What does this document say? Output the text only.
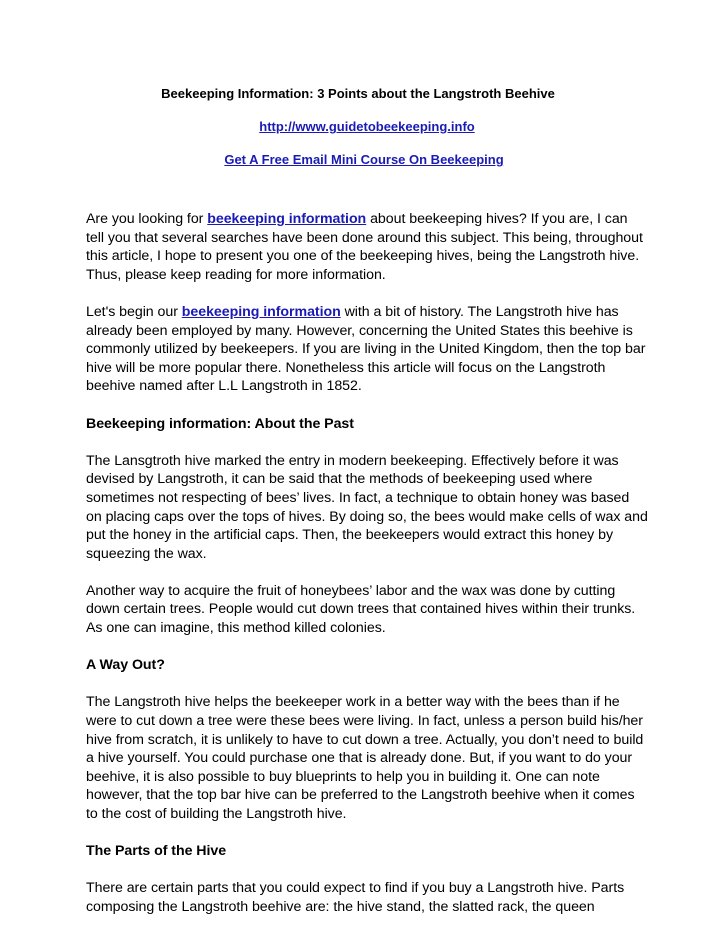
Beekeeping Information: 3 Points about the Langstroth Beehive
http://www.guidetobeekeeping.info
Get A Free Email Mini Course On Beekeeping

Are you looking for beekeeping information about beekeeping hives? If you are, I can tell you that several searches have been done around this subject. This being, throughout this article, I hope to present you one of the beekeeping hives, being the Langstroth hive. Thus, please keep reading for more information.

Let's begin our beekeeping information with a bit of history. The Langstroth hive has already been employed by many. However, concerning the United States this beehive is commonly utilized by beekeepers. If you are living in the United Kingdom, then the top bar hive will be more popular there. Nonetheless this article will focus on the Langstroth beehive named after L.L Langstroth in 1852.

Beekeeping information: About the Past

The Lansgtroth hive marked the entry in modern beekeeping. Effectively before it was devised by Langstroth, it can be said that the methods of beekeeping used where sometimes not respecting of bees’ lives. In fact, a technique to obtain honey was based on placing caps over the tops of hives. By doing so, the bees would make cells of wax and put the honey in the artificial caps. Then, the beekeepers would extract this honey by squeezing the wax.

Another way to acquire the fruit of honeybees’ labor and the wax was done by cutting down certain trees. People would cut down trees that contained hives within their trunks. As one can imagine, this method killed colonies.

A Way Out?

The Langstroth hive helps the beekeeper work in a better way with the bees than if he were to cut down a tree were these bees were living. In fact, unless a person build his/her hive from scratch, it is unlikely to have to cut down a tree. Actually, you don’t need to build a hive yourself. You could purchase one that is already done. But, if you want to do your beehive, it is also possible to buy blueprints to help you in building it. One can note however, that the top bar hive can be preferred to the Langstroth beehive when it comes to the cost of building the Langstroth hive.

The Parts of the Hive

There are certain parts that you could expect to find if you buy a Langstroth hive. Parts composing the Langstroth beehive are: the hive stand, the slatted rack, the queen
